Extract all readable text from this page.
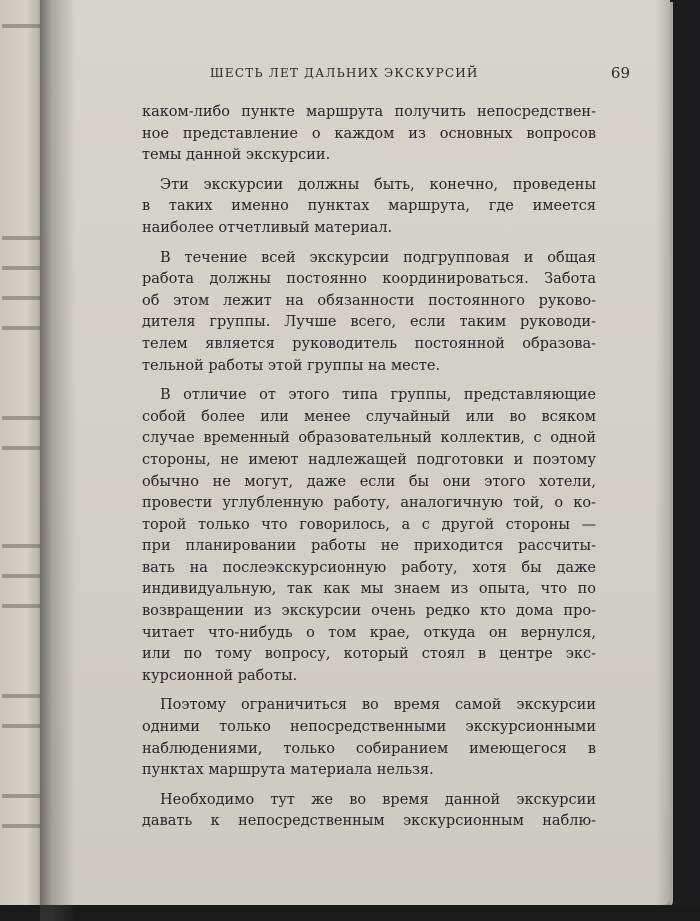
ШЕСТЬ ЛЕТ ДАЛЬНИХ ЭКСКУРСИЙ	69
каком-либо пункте маршрута получить непосредствен-
ное представление о каждом из основных вопросов
темы данной экскурсии.
Эти экскурсии должны быть, конечно, проведены
в таких именно пунктах маршрута, где имеется
наиболее отчетливый материал.
В течение всей экскурсии подгрупповая и общая
работа должны постоянно координироваться. Забота
об этом лежит на обязанности постоянного руково-
дителя группы. Лучше всего, если таким руководи-
телем является руководитель постоянной образова-
тельной работы этой группы на месте.
В отличие от этого типа группы, представляющие
собой более или менее случайный или во всяком
случае временный образовательный коллектив, с одной
стороны, не имеют надлежащей подготовки и поэтому
обычно не могут, даже если бы они этого хотели,
провести углубленную работу, аналогичную той, о ко-
торой только что говорилось, а с другой стороны —
при планировании работы не приходится рассчиты-
вать на послеэкскурсионную работу, хотя бы даже
индивидуальную, так как мы знаем из опыта, что по
возвращении из экскурсии очень редко кто дома про-
читает что-нибудь о том крае, откуда он вернулся,
или по тому вопросу, который стоял в центре экс-
курсионной работы.
Поэтому ограничиться во время самой экскурсии
одними только непосредственными экскурсионными
наблюдениями, только собиранием имеющегося в
пунктах маршрута материала нельзя.
Необходимо тут же во время данной экскурсии
давать к непосредственным экскурсионным наблю-
